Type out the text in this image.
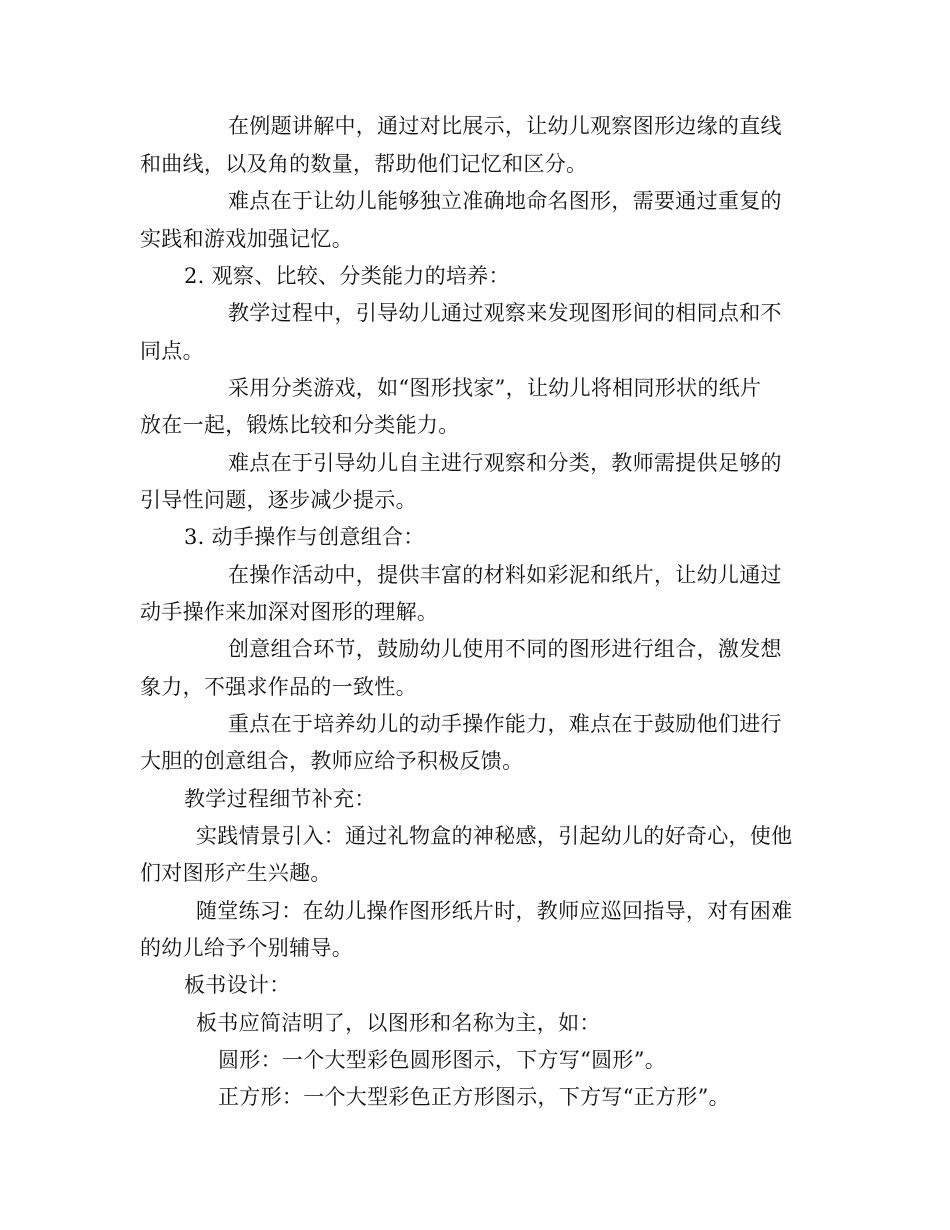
在例题讲解中，通过对比展示，让幼儿观察图形边缘的直线
和曲线，以及角的数量，帮助他们记忆和区分。
难点在于让幼儿能够独立准确地命名图形，需要通过重复的
实践和游戏加强记忆。
2. 观察、比较、分类能力的培养：
教学过程中，引导幼儿通过观察来发现图形间的相同点和不
同点。
采用分类游戏，如“图形找家”，让幼儿将相同形状的纸片
放在一起，锻炼比较和分类能力。
难点在于引导幼儿自主进行观察和分类，教师需提供足够的
引导性问题，逐步减少提示。
3. 动手操作与创意组合：
在操作活动中，提供丰富的材料如彩泥和纸片，让幼儿通过
动手操作来加深对图形的理解。
创意组合环节，鼓励幼儿使用不同的图形进行组合，激发想
象力，不强求作品的一致性。
重点在于培养幼儿的动手操作能力，难点在于鼓励他们进行
大胆的创意组合，教师应给予积极反馈。
教学过程细节补充：
实践情景引入：通过礼物盒的神秘感，引起幼儿的好奇心，使他
们对图形产生兴趣。
随堂练习：在幼儿操作图形纸片时，教师应巡回指导，对有困难
的幼儿给予个别辅导。
板书设计：
板书应简洁明了，以图形和名称为主，如：
圆形：一个大型彩色圆形图示，下方写“圆形”。
正方形：一个大型彩色正方形图示，下方写“正方形”。
